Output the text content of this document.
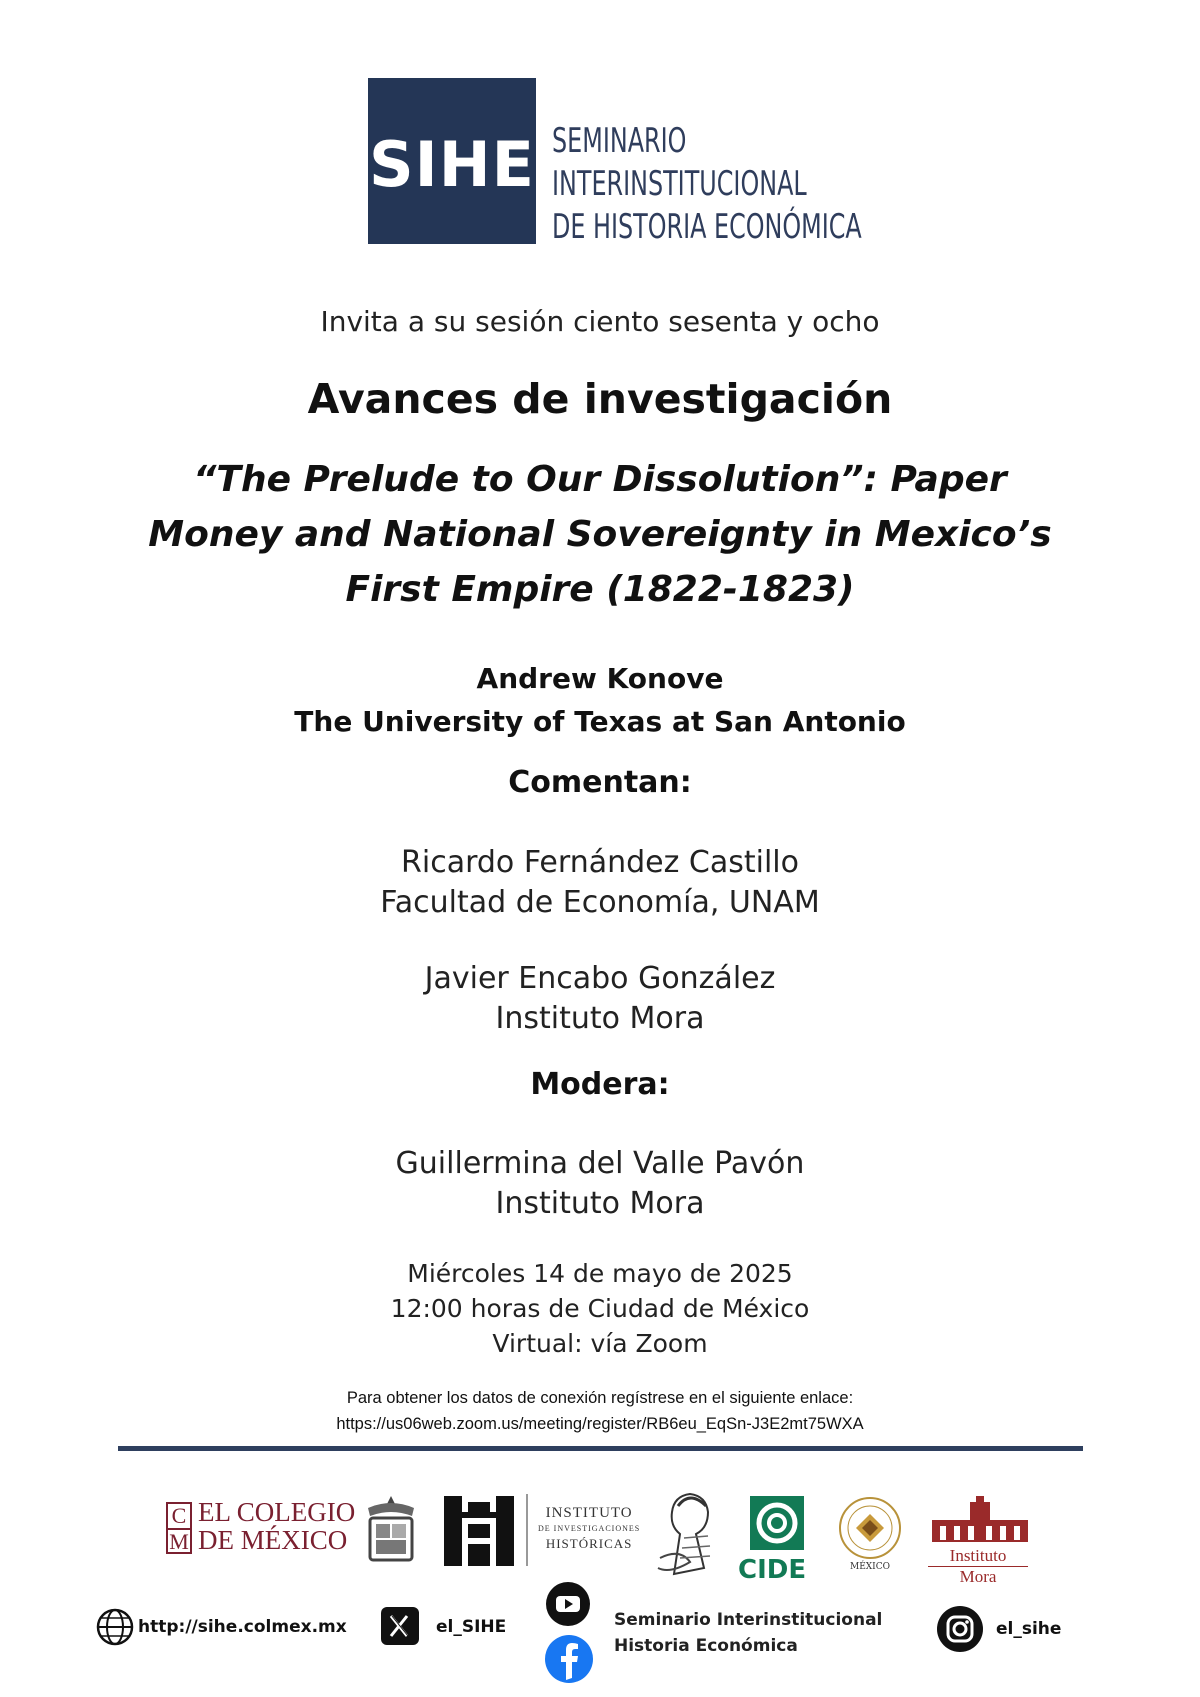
SIHE SEMINARIO
INTERINSTITUCIONAL
DE HISTORIA ECONÓMICA
Invita a su sesión ciento sesenta y ocho
Avances de investigación
“The Prelude to Our Dissolution”: Paper
Money and National Sovereignty in Mexico’s
First Empire (1822-1823)
Andrew Konove
The University of Texas at San Antonio
Comentan:
Ricardo Fernández Castillo
Facultad de Economía, UNAM
Javier Encabo González
Instituto Mora
Modera:
Guillermina del Valle Pavón
Instituto Mora
Miércoles 14 de mayo de 2025
12:00 horas de Ciudad de México
Virtual: vía Zoom
Para obtener los datos de conexión regístrese en el siguiente enlace:
https://us06web.zoom.us/meeting/register/RB6eu_EqSn-J3E2mt75WXA
C
M
EL COLEGIO
DE MÉXICO
INSTITUTO
DE INVESTIGACIONES
HISTÓRICAS
CIDE	MÉXICO
Instituto
Mora
http://sihe.colmex.mx	el_SIHE	Seminario Interinstitucional
Historia Económica
el_sihe
